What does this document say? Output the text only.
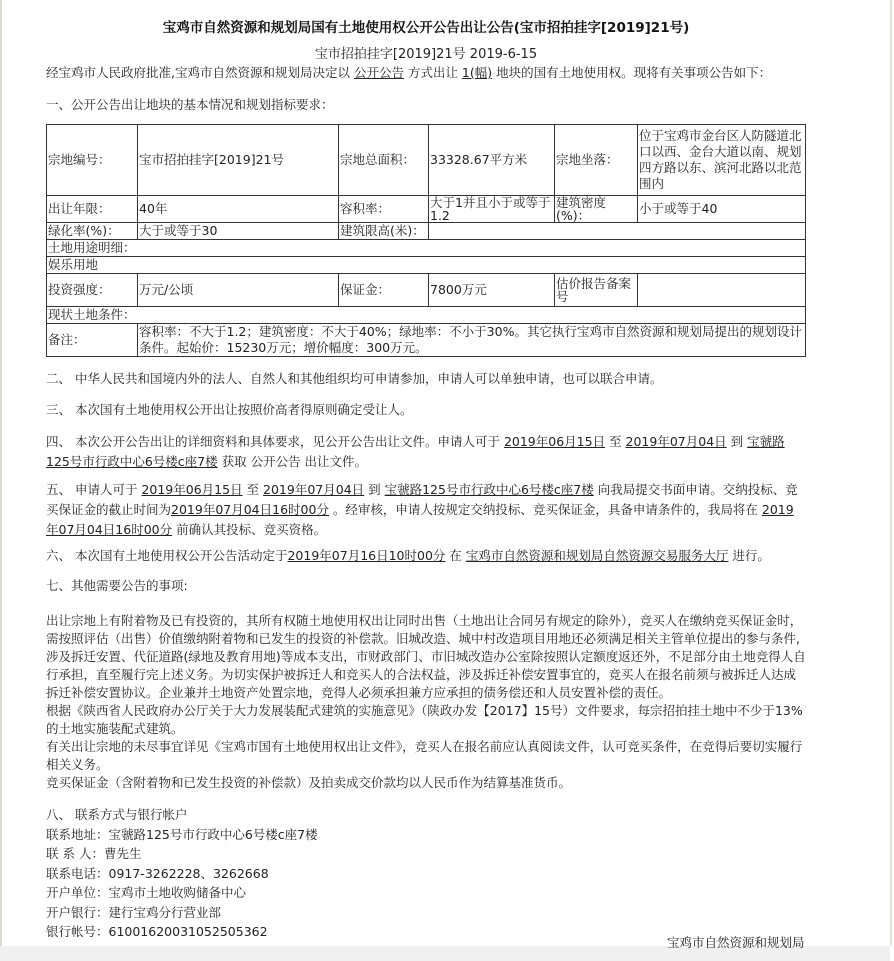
宝鸡市自然资源和规划局国有土地使用权公开公告出让公告(宝市招拍挂字[2019]21号)
宝市招拍挂字[2019]21号 2019-6-15
经宝鸡市人民政府批准,宝鸡市自然资源和规划局决定以 公开公告 方式出让 1(幅) 地块的国有土地使用权。现将有关事项公告如下：
一、公开公告出让地块的基本情况和规划指标要求：
宗地编号：	宝市招拍挂字[2019]21号	宗地总面积：	33328.67平方米	宗地坐落：	位于宝鸡市金台区人防隧道北口以西、金台大道以南、规划四方路以东、滨河北路以北范围内
出让年限：	40年	容积率：	大于1并且小于或等于1.2	建筑密度(%)：	小于或等于40
绿化率(%)：	大于或等于30	建筑限高(米)：			
土地用途明细：					
娱乐用地					
投资强度：	万元/公顷	保证金：	7800万元	估价报告备案号	
现状土地条件：					
备注：	容积率：不大于1.2；建筑密度：不大于40%；绿地率：不小于30%。其它执行宝鸡市自然资源和规划局提出的规划设计条件。起始价：15230万元；增价幅度：300万元。				
二、 中华人民共和国境内外的法人、自然人和其他组织均可申请参加，申请人可以单独申请，也可以联合申请。
三、 本次国有土地使用权公开出让按照价高者得原则确定受让人。
四、 本次公开公告出让的详细资料和具体要求，见公开公告出让文件。申请人可于 2019年06月15日 至 2019年07月04日 到 宝虢路125号市行政中心6号楼c座7楼 获取 公开公告 出让文件。
五、 申请人可于 2019年06月15日 至 2019年07月04日 到 宝虢路125号市行政中心6号楼c座7楼 向我局提交书面申请。交纳投标、竞买保证金的截止时间为2019年07月04日16时00分 。经审核，申请人按规定交纳投标、竞买保证金，具备申请条件的，我局将在 2019年07月04日16时00分 前确认其投标、竞买资格。
六、 本次国有土地使用权公开公告活动定于2019年07月16日10时00分 在 宝鸡市自然资源和规划局自然资源交易服务大厅 进行。
七、其他需要公告的事项:

出让宗地上有附着物及已有投资的，其所有权随土地使用权出让同时出售（土地出让合同另有规定的除外），竞买人在缴纳竞买保证金时，需按照评估（出售）价值缴纳附着物和已发生的投资的补偿款。旧城改造、城中村改造项目用地还必须满足相关主管单位提出的参与条件,涉及拆迁安置、代征道路(绿地及教育用地)等成本支出，市财政部门、市旧城改造办公室除按照认定额度返还外，不足部分由土地竞得人自行承担，直至履行完上述义务。为切实保护被拆迁人和竞买人的合法权益，涉及拆迁补偿安置事宜的，竞买人在报名前须与被拆迁人达成拆迁补偿安置协议。企业兼并土地资产处置宗地，竞得人必须承担兼方应承担的债务偿还和人员安置补偿的责任。

根据《陕西省人民政府办公厅关于大力发展装配式建筑的实施意见》（陕政办发【2017】15号）文件要求，每宗招拍挂土地中不少于13%的土地实施装配式建筑。

有关出让宗地的未尽事宜详见《宝鸡市国有土地使用权出让文件》，竞买人在报名前应认真阅读文件，认可竞买条件，在竞得后要切实履行相关义务。

竞买保证金（含附着物和已发生投资的补偿款）及拍卖成交价款均以人民币作为结算基准货币。

八、 联系方式与银行帐户

联系地址：宝虢路125号市行政中心6号楼c座7楼

联 系 人：曹先生

联系电话：0917-3262228、3262668

开户单位：宝鸡市土地收购储备中心

开户银行：建行宝鸡分行营业部

银行帐号：61001620031052505362

宝鸡市自然资源和规划局
